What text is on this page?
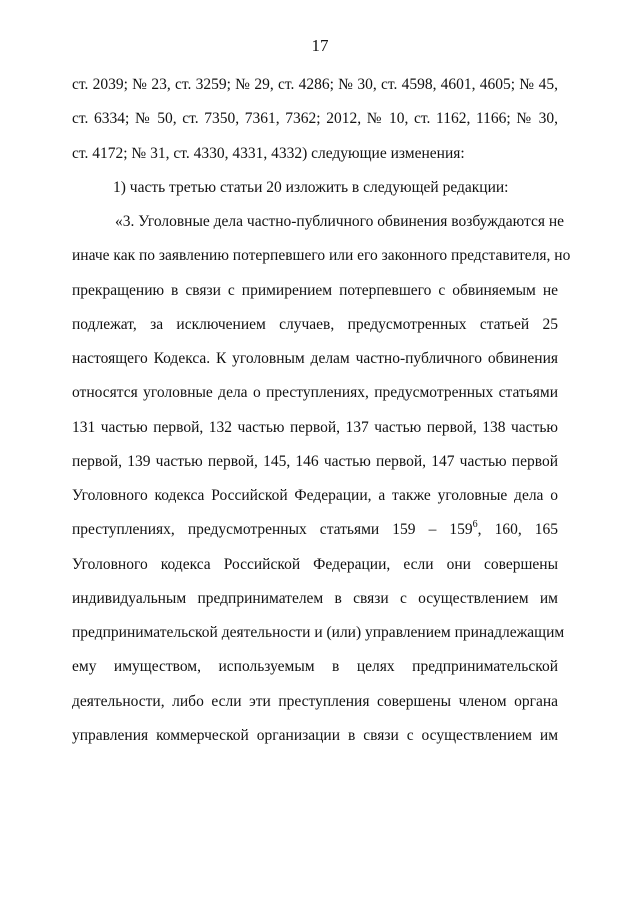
17
ст. 2039; № 23, ст. 3259; № 29, ст. 4286; № 30, ст. 4598, 4601, 4605; № 45,
ст. 6334; № 50, ст. 7350, 7361, 7362; 2012, № 10, ст. 1162, 1166; № 30,
ст. 4172; № 31, ст. 4330, 4331, 4332) следующие изменения:
1) часть третью статьи 20 изложить в следующей редакции:
«3. Уголовные дела частно-публичного обвинения возбуждаются не
иначе как по заявлению потерпевшего или его законного представителя, но
прекращению в связи с примирением потерпевшего с обвиняемым не
подлежат, за исключением случаев, предусмотренных статьей 25
настоящего Кодекса. К уголовным делам частно-публичного обвинения
относятся уголовные дела о преступлениях, предусмотренных статьями
131 частью первой, 132 частью первой, 137 частью первой, 138 частью
первой, 139 частью первой, 145, 146 частью первой, 147 частью первой
Уголовного кодекса Российской Федерации, а также уголовные дела о
преступлениях, предусмотренных статьями $159 - 159^6$, 160, 165
Уголовного кодекса Российской Федерации, если они совершены
индивидуальным предпринимателем в связи с осуществлением им
предпринимательской деятельности и (или) управлением принадлежащим
ему имуществом, используемым в целях предпринимательской
деятельности, либо если эти преступления совершены членом органа
управления коммерческой организации в связи с осуществлением им
